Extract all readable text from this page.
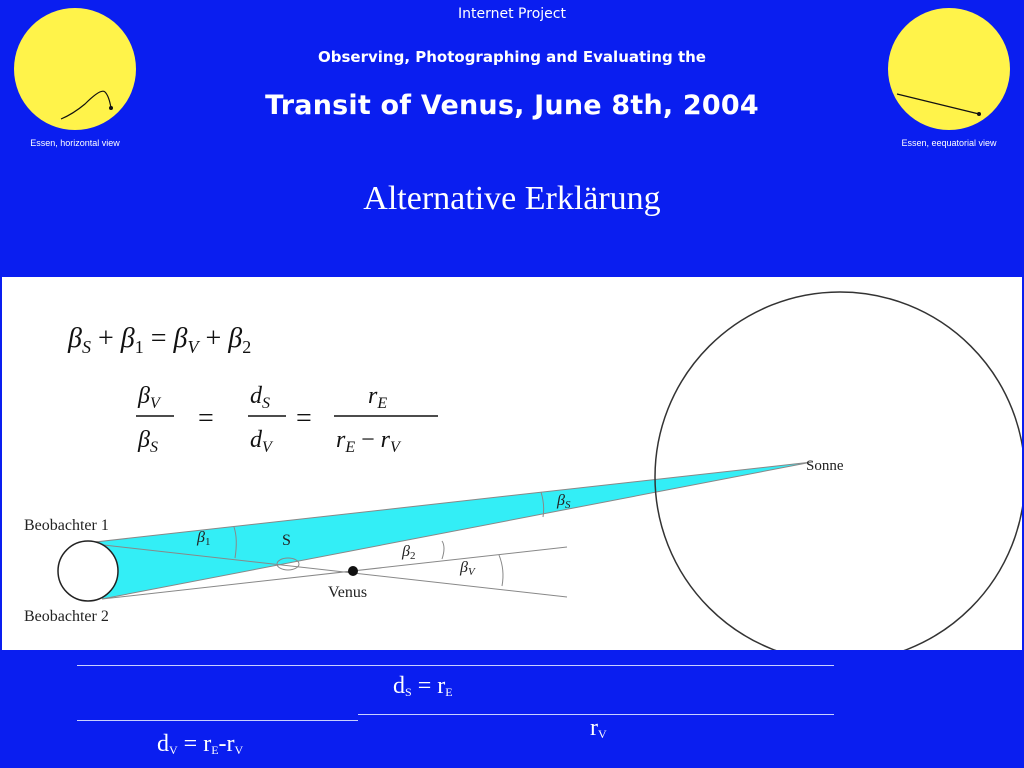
Essen, horizontal view	Essen, eequatorial view
Internet Project
Observing, Photographing and Evaluating the
Transit of Venus, June 8th, 2004
Alternative Erklärung
Beobachter 1
Beobachter 2
Venus
Sonne
S
β1
βS
β2
βV
$\beta_S + \beta_1 = \beta_V + \beta_2$
$\beta_V$
$\beta_S$
=
$d_S$
$d_V$
=
$r_E$
$r_E - r_V$
$d_S = r_E$
$r_V$
$d_V = r_E-r_V$
